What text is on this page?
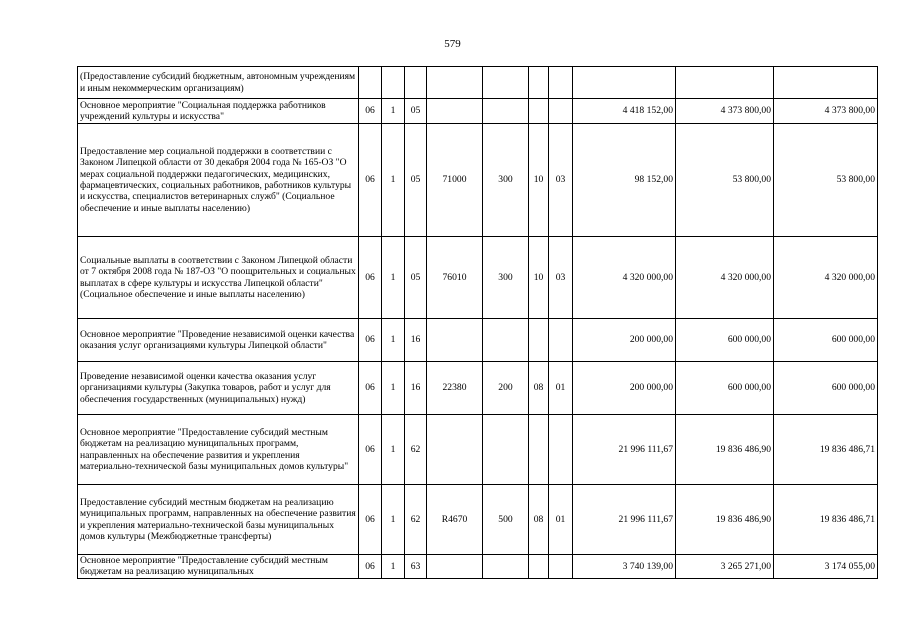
579
(Предоставление субсидий бюджетным, автономным учреждениям и иным некоммерческим организациям)										
Основное мероприятие "Социальная поддержка работников учреждений культуры и искусства"	06	1	05					4 418 152,00	4 373 800,00	4 373 800,00
Предоставление мер социальной поддержки в соответствии с Законом Липецкой области от 30 декабря 2004 года № 165-ОЗ "О мерах социальной поддержки педагогических, медицинских, фармацевтических, социальных работников, работников культуры и искусства, специалистов ветеринарных служб" (Социальное обеспечение и иные выплаты населению)	06	1	05	71000	300	10	03	98 152,00	53 800,00	53 800,00
Социальные выплаты в соответствии с Законом Липецкой области от 7 октября 2008 года № 187-ОЗ "О поощрительных и социальных выплатах в сфере культуры и искусства Липецкой области" (Социальное обеспечение и иные выплаты населению)	06	1	05	76010	300	10	03	4 320 000,00	4 320 000,00	4 320 000,00
Основное мероприятие "Проведение независимой оценки качества оказания услуг организациями культуры Липецкой области"	06	1	16					200 000,00	600 000,00	600 000,00
Проведение независимой оценки качества оказания услуг организациями культуры (Закупка товаров, работ и услуг для обеспечения государственных (муниципальных) нужд)	06	1	16	22380	200	08	01	200 000,00	600 000,00	600 000,00
Основное мероприятие "Предоставление субсидий местным бюджетам на реализацию муниципальных программ, направленных на обеспечение развития и укрепления материально-технической базы муниципальных домов культуры"	06	1	62					21 996 111,67	19 836 486,90	19 836 486,71
Предоставление субсидий местным бюджетам на реализацию муниципальных программ, направленных на обеспечение развития и укрепления материально-технической базы муниципальных домов культуры (Межбюджетные трансферты)	06	1	62	R4670	500	08	01	21 996 111,67	19 836 486,90	19 836 486,71
Основное мероприятие "Предоставление субсидий местным бюджетам на реализацию муниципальных	06	1	63					3 740 139,00	3 265 271,00	3 174 055,00
